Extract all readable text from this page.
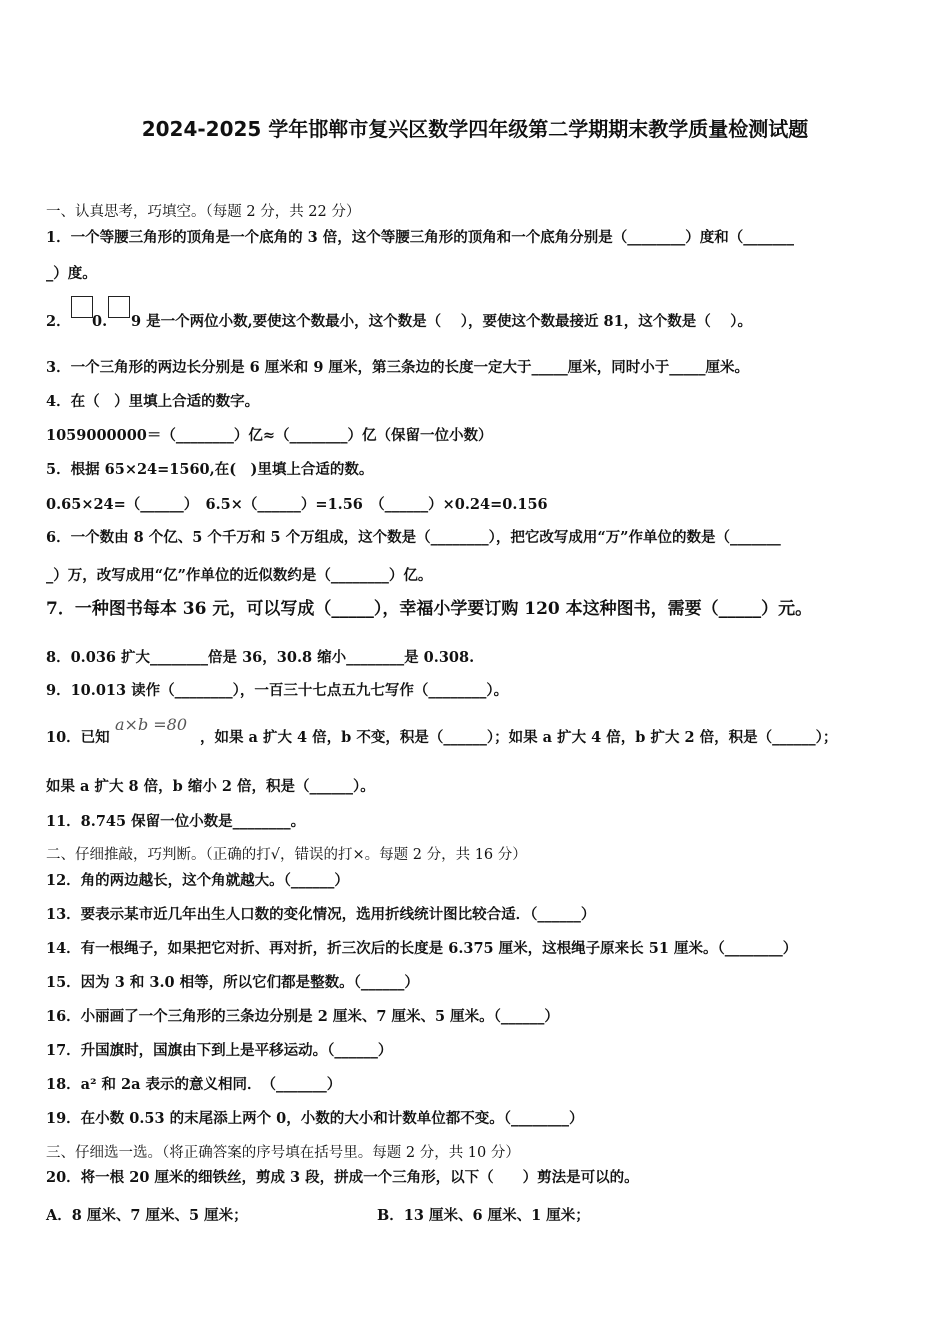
2024-2025 学年邯郸市复兴区数学四年级第二学期期末教学质量检测试题
一、认真思考，巧填空。（每题 2 分，共 22 分）
1．一个等腰三角形的顶角是一个底角的 3 倍，这个等腰三角形的顶角和一个底角分别是（________）度和（_______
_）度。
2． 0. 9 是一个两位小数,要使这个数最小，这个数是（　 ），要使这个数最接近 81，这个数是（　 ）。
3．一个三角形的两边长分别是 6 厘米和 9 厘米，第三条边的长度一定大于_____厘米，同时小于_____厘米。
4．在（　）里填上合适的数字。
1059000000＝（________）亿≈（________）亿（保留一位小数）
5．根据 65×24=1560,在(　)里填上合适的数。
0.65×24=（______）　6.5×（______）=1.56　（______）×0.24=0.156
6．一个数由 8 个亿、5 个千万和 5 个万组成，这个数是（________），把它改写成用“万”作单位的数是（_______
_）万，改写成用“亿”作单位的近似数约是（________）亿。
7．一种图书每本 36 元，可以写成（_____），幸福小学要订购 120 本这种图书，需要（_____）元。
8．0.036 扩大________倍是 36，30.8 缩小________是 0.308.
9．10.013 读作（________），一百三十七点五九七写作（________）。
10．已知
a×b =80
，如果 a 扩大 4 倍，b 不变，积是（______）；如果 a 扩大 4 倍，b 扩大 2 倍，积是（______）；
如果 a 扩大 8 倍，b 缩小 2 倍，积是（______）。
11．8.745 保留一位小数是________。
二、仔细推敲，巧判断。（正确的打√，错误的打×。每题 2 分，共 16 分）
12．角的两边越长，这个角就越大。（______）
13．要表示某市近几年出生人口数的变化情况，选用折线统计图比较合适．（______）
14．有一根绳子，如果把它对折、再对折，折三次后的长度是 6.375 厘米，这根绳子原来长 51 厘米。（________）
15．因为 3 和 3.0 相等，所以它们都是整数。（______）
16．小丽画了一个三角形的三条边分别是 2 厘米、7 厘米、5 厘米。（______）
17．升国旗时，国旗由下到上是平移运动。（______）
18．a² 和 2a 表示的意义相同．　（_______）
19．在小数 0.53 的末尾添上两个 0，小数的大小和计数单位都不变。（________）
三、仔细选一选。（将正确答案的序号填在括号里。每题 2 分，共 10 分）
20．将一根 20 厘米的细铁丝，剪成 3 段，拼成一个三角形，以下（　　）剪法是可以的。
A．8 厘米、7 厘米、5 厘米；	B．13 厘米、6 厘米、1 厘米；
